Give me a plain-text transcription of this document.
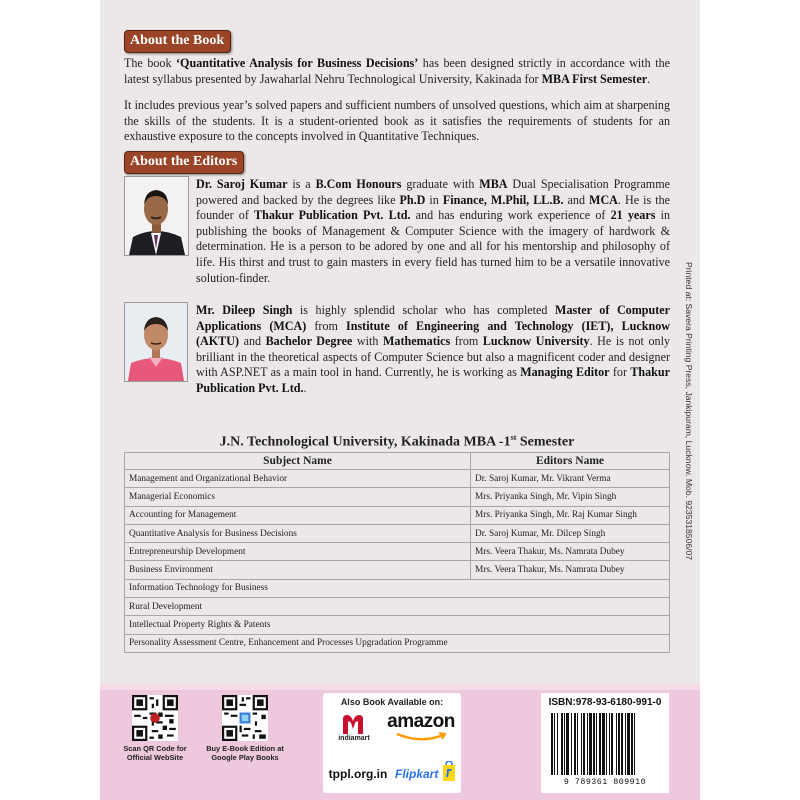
About the Book
The book ‘Quantitative Analysis for Business Decisions’ has been designed strictly in accordance with the latest syllabus presented by Jawaharlal Nehru Technological University, Kakinada for MBA First Semester.
It includes previous year’s solved papers and sufficient numbers of unsolved questions, which aim at sharpening the skills of the students. It is a student-oriented book as it satisfies the requirements of students for an exhaustive exposure to the concepts involved in Quantitative Techniques.
About the Editors
Dr. Saroj Kumar is a B.Com Honours graduate with MBA Dual Specialisation Programme powered and backed by the degrees like Ph.D in Finance, M.Phil, LL.B. and MCA. He is the founder of Thakur Publication Pvt. Ltd. and has enduring work experience of 21 years in publishing the books of Management & Computer Science with the imagery of hardwork & determination. He is a person to be adored by one and all for his mentorship and philosophy of life. His thirst and trust to gain masters in every field has turned him to be a versatile innovative solution-finder.
Mr. Dileep Singh is highly splendid scholar who has completed Master of Computer Applications (MCA) from Institute of Engineering and Technology (IET), Lucknow (AKTU) and Bachelor Degree with Mathematics from Lucknow University. He is not only brilliant in the theoretical aspects of Computer Science but also a magnificent coder and designer with ASP.NET as a main tool in hand. Currently, he is working as Managing Editor for Thakur Publication Pvt. Ltd..	Printed at: Savera Printing Press, Jankipuram, Lucknow. Mob. 9235318506/07
J.N. Technological University, Kakinada MBA -1st Semester
Subject Name	Editors Name
Management and Organizational Behavior	Dr. Saroj Kumar, Mr. Vikrant Verma
Managerial Economics	Mrs. Priyanka Singh, Mr. Vipin Singh
Accounting for Management	Mrs. Priyanka Singh, Mr. Raj Kumar Singh
Quantitative Analysis for Business Decisions	Dr. Saroj Kumar, Mr. Dilcep Singh
Entrepreneurship Development	Mrs. Veera Thakur, Ms. Namrata Dubey
Business Environment	Mrs. Veera Thakur, Ms. Namrata Dubey
Information Technology for Business	
Rural Development	
Intellectual Property Rights & Patents	
Personality Assessment Centre, Enhancement and Processes Upgradation Programme	
Scan QR Code for
Official WebSite
Buy E-Book Edition at
Google Play Books
Also Book Available on:
indiamart
amazon
tppl.org.in Flipkart
ISBN:978-93-6180-991-0
9 789361 809910
